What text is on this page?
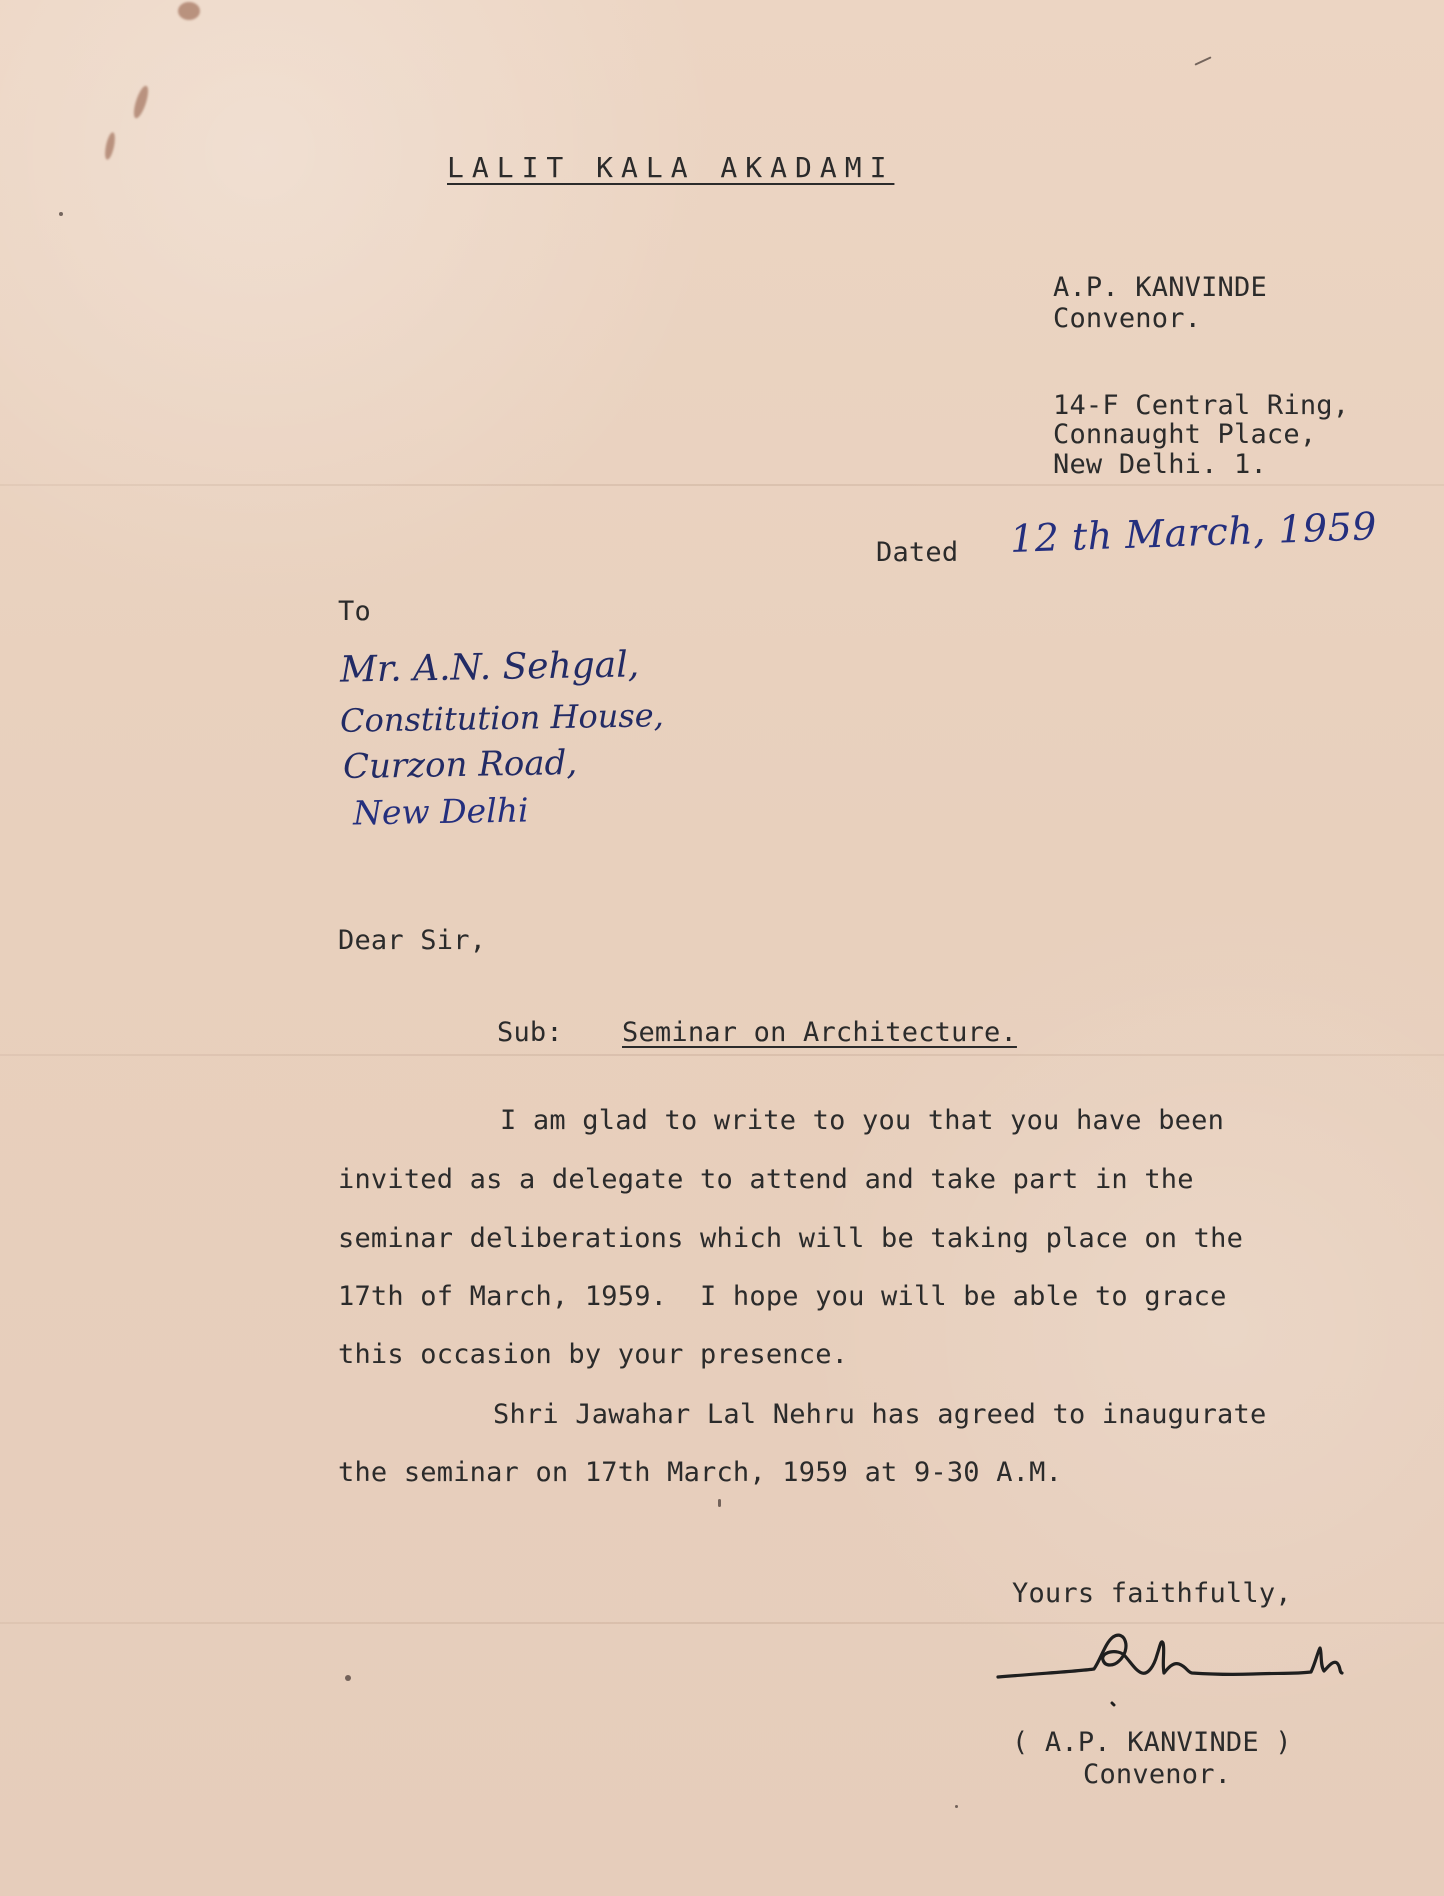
LALIT KALA AKADAMI
A.P. KANVINDE
Convenor.
14-F Central Ring,
Connaught Place,
New Delhi. 1.
Dated 12 th March, 1959
To
Mr. A.N. Sehgal,
Constitution House,
Curzon Road,
New Delhi
Dear Sir,
Sub: Seminar on Architecture.
I am glad to write to you that you have been
invited as a delegate to attend and take part in the
seminar deliberations which will be taking place on the
17th of March, 1959.  I hope you will be able to grace
this occasion by your presence.
Shri Jawahar Lal Nehru has agreed to inaugurate
the seminar on 17th March, 1959 at 9-30 A.M.
Yours faithfully,
( A.P. KANVINDE )
Convenor.
